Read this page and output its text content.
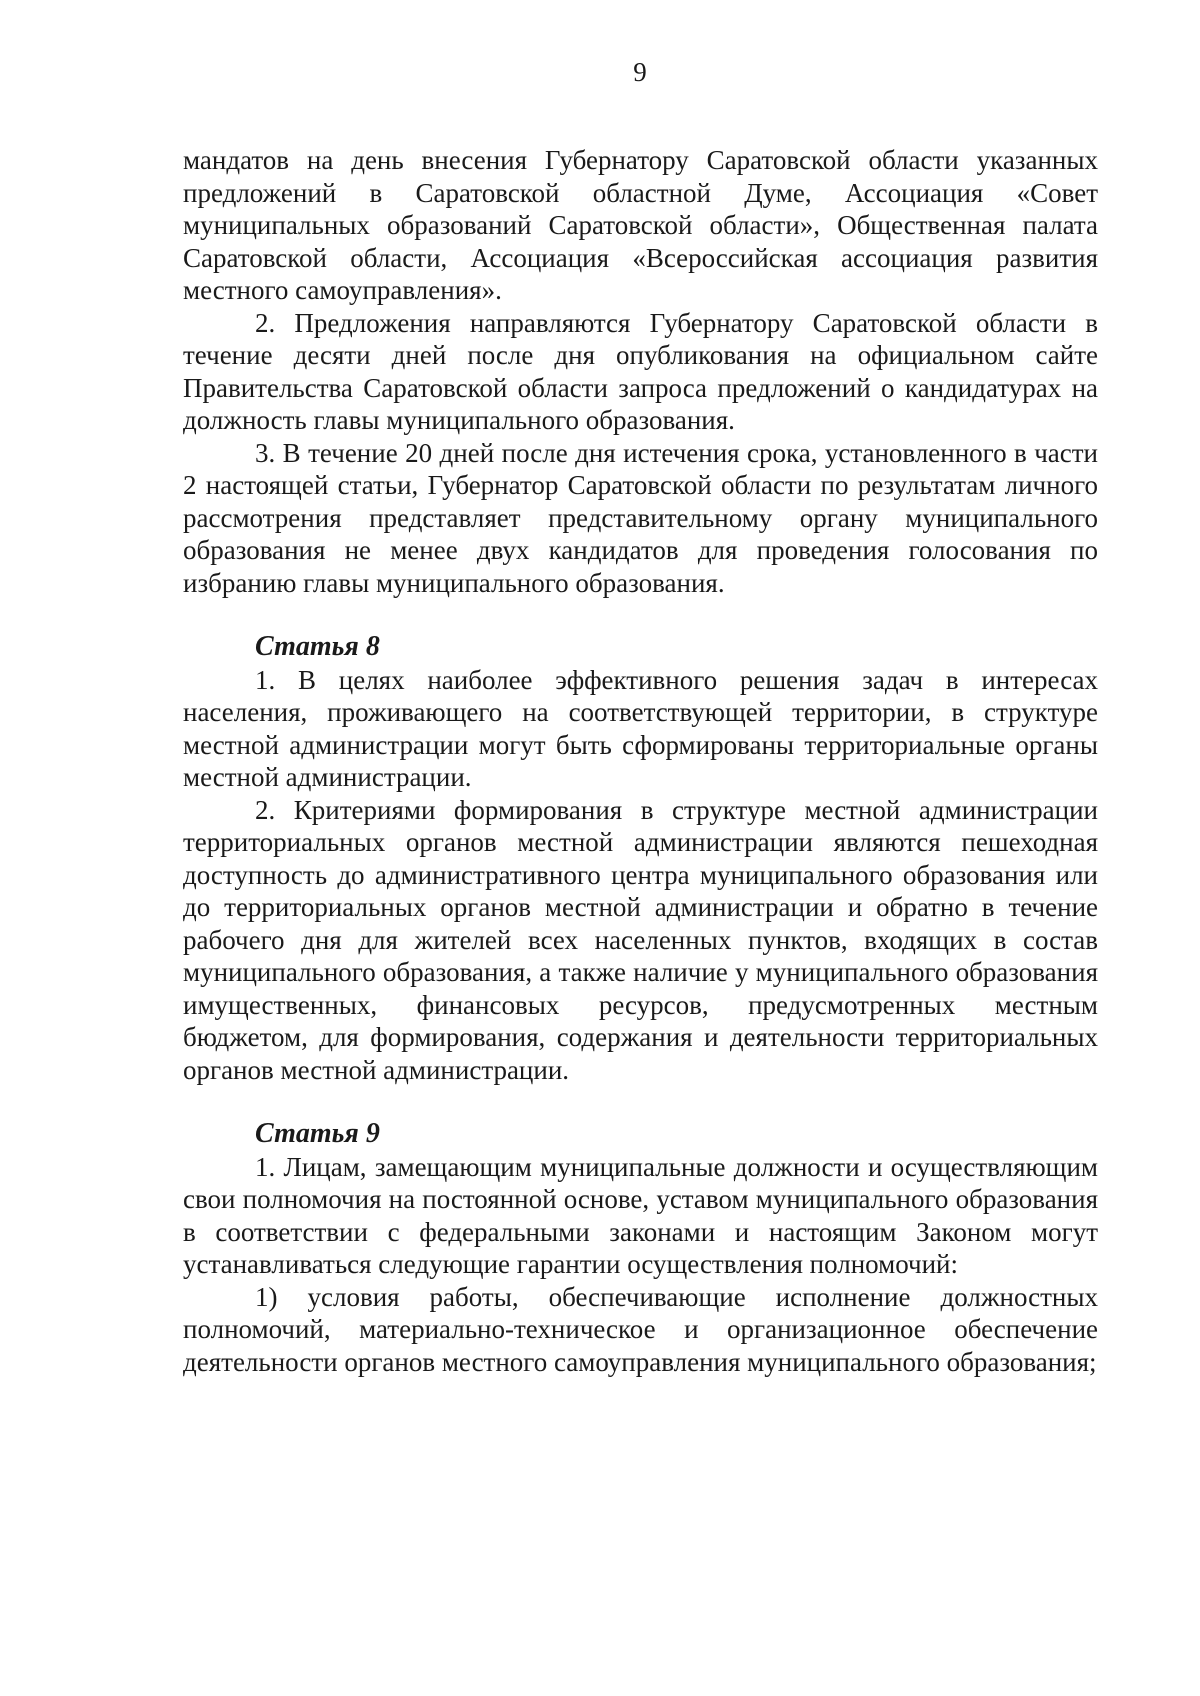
9

мандатов на день внесения Губернатору Саратовской области указанных предложений в Саратовской областной Думе, Ассоциация «Совет муниципальных образований Саратовской области», Общественная палата Саратовской области, Ассоциация «Всероссийская ассоциация развития местного самоуправления».

2. Предложения направляются Губернатору Саратовской области в течение десяти дней после дня опубликования на официальном сайте Правительства Саратовской области запроса предложений о кандидатурах на должность главы муниципального образования.

3. В течение 20 дней после дня истечения срока, установленного в части 2 настоящей статьи, Губернатор Саратовской области по результатам личного рассмотрения представляет представительному органу муниципального образования не менее двух кандидатов для проведения голосования по избранию главы муниципального образования.

Статья 8

1. В целях наиболее эффективного решения задач в интересах населения, проживающего на соответствующей территории, в структуре местной администрации могут быть сформированы территориальные органы местной администрации.

2. Критериями формирования в структуре местной администрации территориальных органов местной администрации являются пешеходная доступность до административного центра муниципального образования или до территориальных органов местной администрации и обратно в течение рабочего дня для жителей всех населенных пунктов, входящих в состав муниципального образования, а также наличие у муниципального образования имущественных, финансовых ресурсов, предусмотренных местным бюджетом, для формирования, содержания и деятельности территориальных органов местной администрации.

Статья 9

1. Лицам, замещающим муниципальные должности и осуществляющим свои полномочия на постоянной основе, уставом муниципального образования в соответствии с федеральными законами и настоящим Законом могут устанавливаться следующие гарантии осуществления полномочий:

1) условия работы, обеспечивающие исполнение должностных полномочий, материально-техническое и организационное обеспечение деятельности органов местного самоуправления муниципального образования;
